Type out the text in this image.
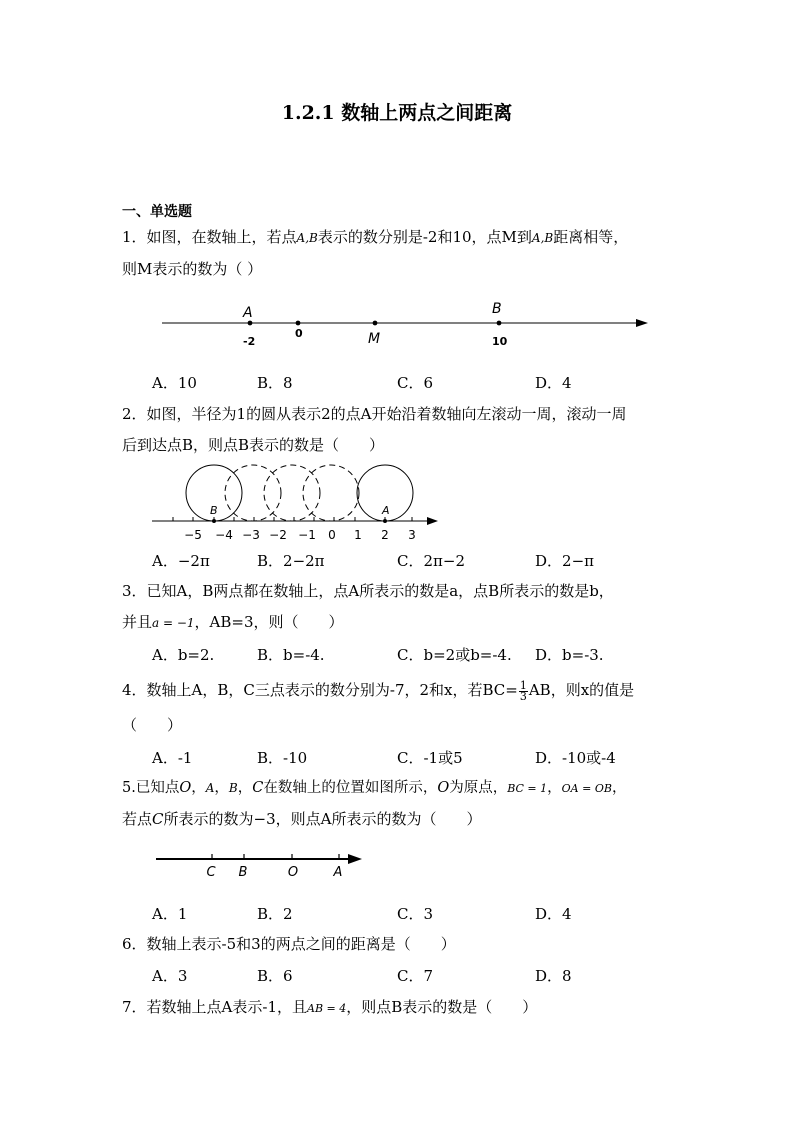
1.2.1 数轴上两点之间距离
一、单选题
1．如图，在数轴上，若点A,B表示的数分别是-2和10，点M到A,B距离相等，
则M表示的数为（ ）
A	B
M
-2
0
10
A．10	B．8	C．6	D．4
2．如图，半径为1的圆从表示2的点A开始沿着数轴向左滚动一周，滚动一周
后到达点B，则点B表示的数是（　　）
B	A
−5 −4 −3 −2 −1 0 1 2 3
A．−2π	B．2−2π	C．2π−2	D．2−π
3．已知A，B两点都在数轴上，点A所表示的数是a，点B所表示的数是b，
并且a = −1，AB=3，则（　　）
A．b=2.	B．b=-4.	C．b=2或b=-4. D．b=-3.
4．数轴上A，B，C三点表示的数分别为-7，2和x，若$BC= \frac{1}{3}$ AB，则x的值是
（　　）
A．-1	B．-10	C．-1或5	D．-10或-4
5.已知点O，A，B，C在数轴上的位置如图所示，O为原点，BC = 1，OA = OB，
若点C所表示的数为−3，则点A所表示的数为（　　）
C B	O	A
A．1	B．2	C．3	D．4
6．数轴上表示-5和3的两点之间的距离是（　　）
A．3	B．6	C．7	D．8
7．若数轴上点A表示-1，且AB = 4，则点B表示的数是（　　）
